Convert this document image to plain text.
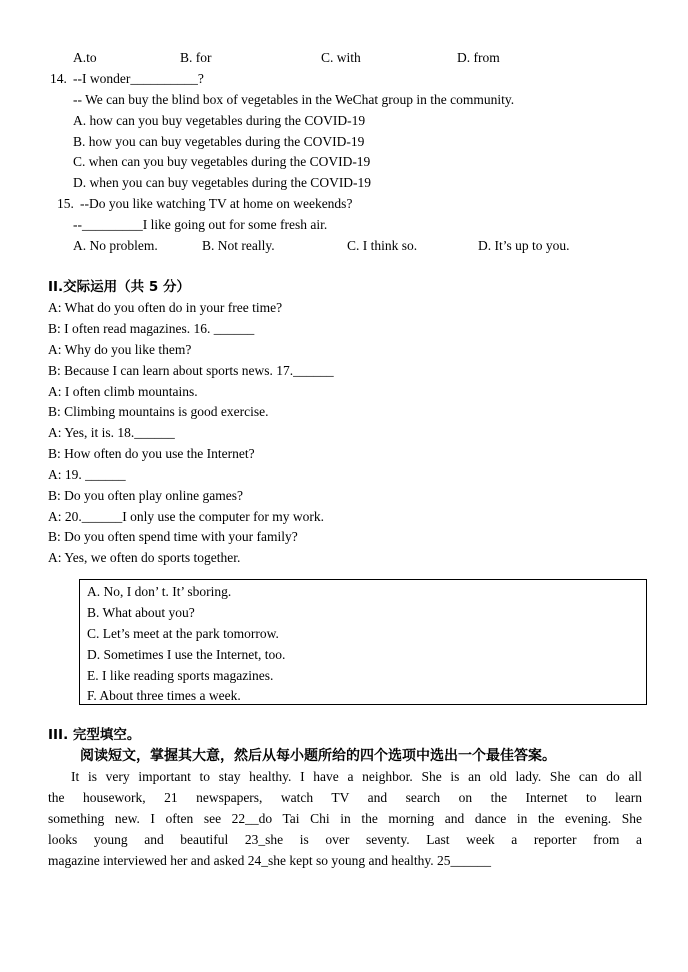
A.to	B. for	C. with	D. from
14. --I wonder__________?
-- We can buy the blind box of vegetables in the WeChat group in the community.
A. how can you buy vegetables during the COVID-19
B. how you can buy vegetables during the COVID-19
C. when can you buy vegetables during the COVID-19
D. when you can buy vegetables during the COVID-19
15. --Do you like watching TV at home on weekends?
--_________I like going out for some fresh air.
A. No problem.	B. Not really.	C. I think so.	D. It’s up to you.
II.交际运用（共 5 分）
A: What do you often do in your free time?
B: I often read magazines. 16. ______
A: Why do you like them?
B: Because I can learn about sports news. 17.______
A: I often climb mountains.
B: Climbing mountains is good exercise.
A: Yes, it is. 18.______
B: How often do you use the Internet?
A: 19. ______
B: Do you often play online games?
A: 20.______I only use the computer for my work.
B: Do you often spend time with your family?
A: Yes, we often do sports together.
A. No, I don’ t. It’ sboring.
B. What about you?
C. Let’s meet at the park tomorrow.
D. Sometimes I use the Internet, too.
E. I like reading sports magazines.
F. About three times a week.
III. 完型填空。
阅读短文，掌握其大意，然后从每小题所给的四个选项中选出一个最佳答案。
It is very important to stay healthy. I have a neighbor. She is an old lady. She can do all
the housework, 21 newspapers, watch TV and search on the Internet to learn
something new. I often see 22__do Tai Chi in the morning and dance in the evening. She
looks young and beautiful 23_she is over seventy. Last week a reporter from a
magazine interviewed her and asked 24_she kept so young and healthy. 25______
